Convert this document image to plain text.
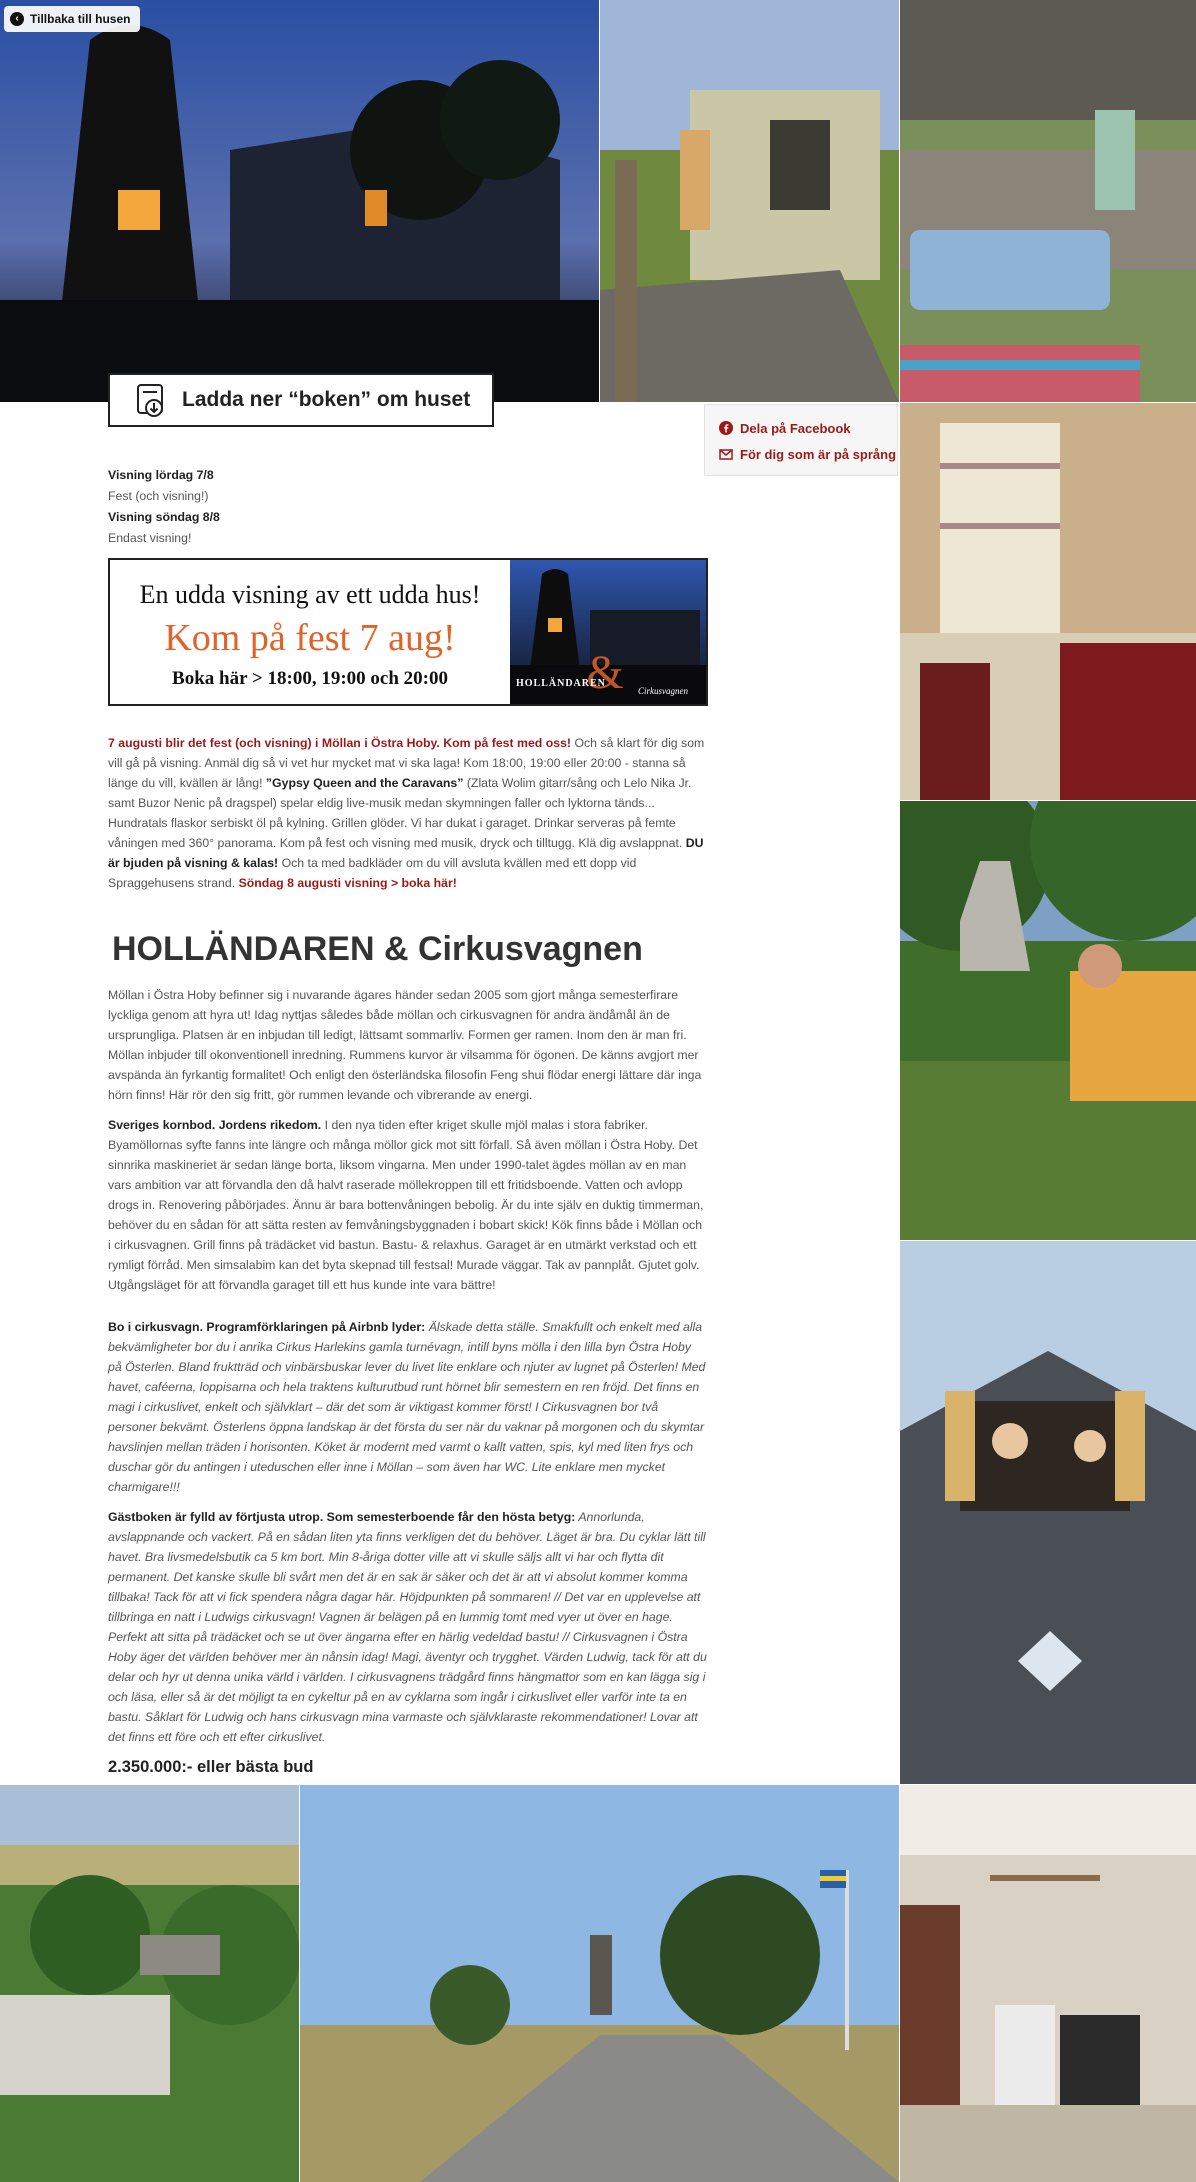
‹ Tillbaka till husen
Ladda ner “boken” om huset
Dela på Facebook
För dig som är på språng

Visning lördag 7/8

Fest (och visning!)

Visning söndag 8/8

Endast visning!

En udda visning av ett udda hus!
Kom på fest 7 aug!
Boka här > 18:00, 19:00 och 20:00	&
HOLLÄNDAREN
Cirkusvagnen

7 augusti blir det fest (och visning) i Möllan i Östra Hoby. Kom på fest med oss! Och så klart för dig som vill gå på visning. Anmäl dig så vi vet hur mycket mat vi ska laga! Kom 18:00, 19:00 eller 20:00 - stanna så länge du vill, kvällen är lång! ”Gypsy Queen and the Caravans” (Zlata Wolim gitarr/sång och Lelo Nika Jr. samt Buzor Nenic på dragspel) spelar eldig live-musik medan skymningen faller och lyktorna tänds... Hundratals flaskor serbiskt öl på kylning. Grillen glöder. Vi har dukat i garaget. Drinkar serveras på femte våningen med 360° panorama. Kom på fest och visning med musik, dryck och tilltugg. Klä dig avslappnat. DU är bjuden på visning & kalas! Och ta med badkläder om du vill avsluta kvällen med ett dopp vid Spraggehusens strand. Söndag 8 augusti visning > boka här!

HOLLÄNDAREN & Cirkusvagnen

Möllan i Östra Hoby befinner sig i nuvarande ägares händer sedan 2005 som gjort många semesterfirare lyckliga genom att hyra ut! Idag nyttjas således både möllan och cirkusvagnen för andra ändåmål än de ursprungliga. Platsen är en inbjudan till ledigt, lättsamt sommarliv. Formen ger ramen. Inom den är man fri. Möllan inbjuder till okonventionell inredning. Rummens kurvor är vilsamma för ögonen. De känns avgjort mer avspända än fyrkantig formalitet! Och enligt den österländska filosofin Feng shui flödar energi lättare där inga hörn finns! Här rör den sig fritt, gör rummen levande och vibrerande av energi.

Sveriges kornbod. Jordens rikedom. I den nya tiden efter kriget skulle mjöl malas i stora fabriker. Byamöllornas syfte fanns inte längre och många möllor gick mot sitt förfall. Så även möllan i Östra Hoby. Det sinnrika maskineriet är sedan länge borta, liksom vingarna. Men under 1990-talet ägdes möllan av en man vars ambition var att förvandla den då halvt raserade möllekroppen till ett fritidsboende. Vatten och avlopp drogs in. Renovering påbörjades. Ännu är bara bottenvåningen bebolig. Är du inte själv en duktig timmerman, behöver du en sådan för att sätta resten av femvåningsbyggnaden i bobart skick! Kök finns både i Möllan och i cirkusvagnen. Grill finns på trädäcket vid bastun. Bastu- & relaxhus. Garaget är en utmärkt verkstad och ett rymligt förråd. Men simsalabim kan det byta skepnad till festsal! Murade väggar. Tak av pannplåt. Gjutet golv. Utgångsläget för att förvandla garaget till ett hus kunde inte vara bättre!

Bo i cirkusvagn. Programförklaringen på Airbnb lyder: Älskade detta ställe. Smakfullt och enkelt med alla bekvämligheter bor du i anrika Cirkus Harlekins gamla turnévagn, intill byns mölla i den lilla byn Östra Hoby på Österlen. Bland fruktträd och vinbärsbuskar lever du livet lite enklare och njuter av lugnet på Österlen! Med havet, caféerna, loppisarna och hela traktens kulturutbud runt hörnet blir semestern en ren fröjd. Det finns en magi i cirkuslivet, enkelt och självklart – där det som är viktigast kommer först! I Cirkusvagnen bor två personer bekvämt. Österlens öppna landskap är det första du ser när du vaknar på morgonen och du skymtar havslinjen mellan träden i horisonten. Köket är modernt med varmt o kallt vatten, spis, kyl med liten frys och duschar gör du antingen i uteduschen eller inne i Möllan – som även har WC. Lite enklare men mycket charmigare!!!

Gästboken är fylld av förtjusta utrop. Som semesterboende får den hösta betyg: Annorlunda, avslappnande och vackert. På en sådan liten yta finns verkligen det du behöver. Läget är bra. Du cyklar lätt till havet. Bra livsmedelsbutik ca 5 km bort. Min 8-åriga dotter ville att vi skulle säljs allt vi har och flytta dit permanent. Det kanske skulle bli svårt men det är en sak är säker och det är att vi absolut kommer komma tillbaka! Tack för att vi fick spendera några dagar här. Höjdpunkten på sommaren! // Det var en upplevelse att tillbringa en natt i Ludwigs cirkusvagn! Vagnen är belägen på en lummig tomt med vyer ut över en hage. Perfekt att sitta på trädäcket och se ut över ängarna efter en härlig vedeldad bastu! // Cirkusvagnen i Östra Hoby äger det världen behöver mer än nånsin idag! Magi, äventyr och trygghet. Värden Ludwig, tack för att du delar och hyr ut denna unika värld i världen. I cirkusvagnens trädgård finns hängmattor som en kan lägga sig i och läsa, eller så är det möjligt ta en cykeltur på en av cyklarna som ingår i cirkuslivet eller varför inte ta en bastu. Såklart för Ludwig och hans cirkusvagn mina varmaste och självklaraste rekommendationer! Lovar att det finns ett före och ett efter cirkuslivet.

2.350.000:- eller bästa bud
